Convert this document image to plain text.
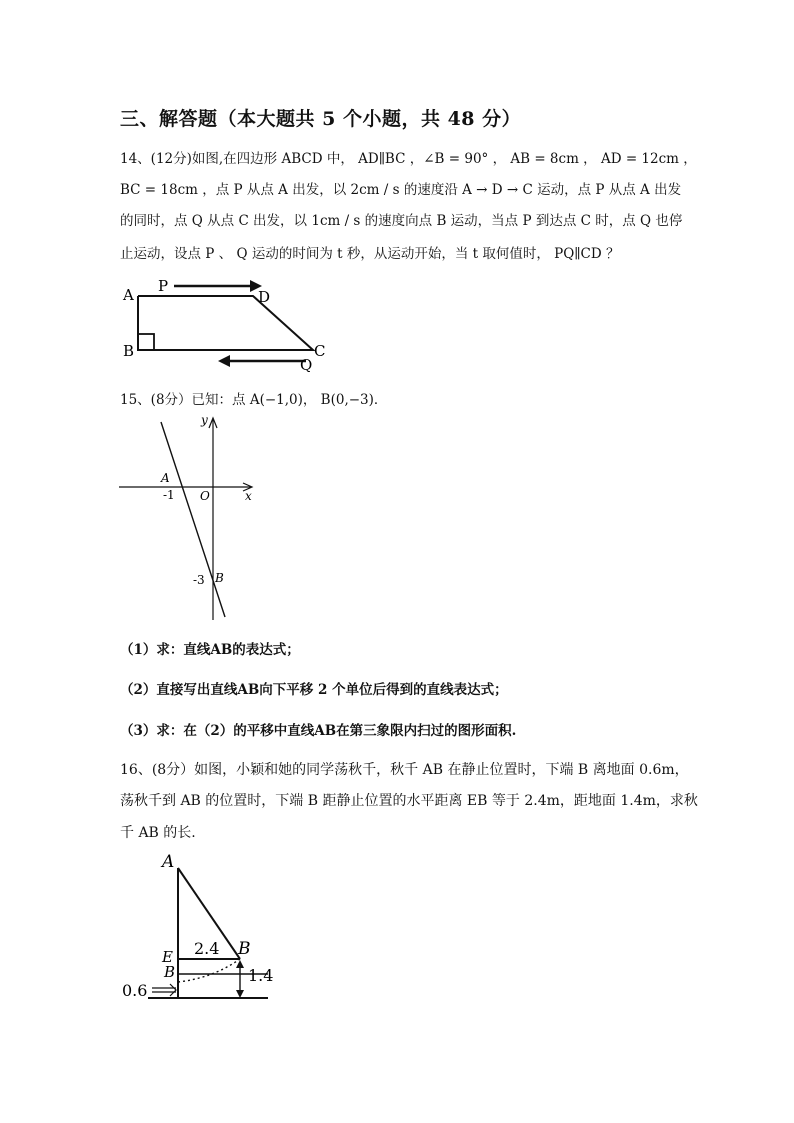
三、解答题（本大题共 5 个小题，共 48 分）
14、(12分)如图,在四边形 ABCD 中， AD∥BC ，∠B = 90° ， AB = 8cm ， AD = 12cm ，
BC = 18cm ，点 P 从点 A 出发，以 2cm / s 的速度沿 A → D → C 运动，点 P 从点 A 出发
的同时，点 Q 从点 C 出发，以 1cm / s 的速度向点 B 运动，当点 P 到达点 C 时，点 Q 也停
止运动，设点 P 、 Q 运动的时间为 t 秒，从运动开始，当 t 取何值时， PQ∥CD ？
A P
D
B	C
Q
15、(8分）已知：点 A(−1,0)， B(0,−3)．
y
x
O
A
-1
-3 B
（1）求：直线AB的表达式；
（2）直接写出直线AB向下平移 2 个单位后得到的直线表达式；
（3）求：在（2）的平移中直线AB在第三象限内扫过的图形面积.
16、(8分）如图，小颖和她的同学荡秋千，秋千 AB 在静止位置时，下端 B 离地面 0.6m，
荡秋千到 AB 的位置时，下端 B 距静止位置的水平距离 EB 等于 2.4m，距地面 1.4m，求秋
千 AB 的长.
A
E
B
B
2.4
1.4
0.6
